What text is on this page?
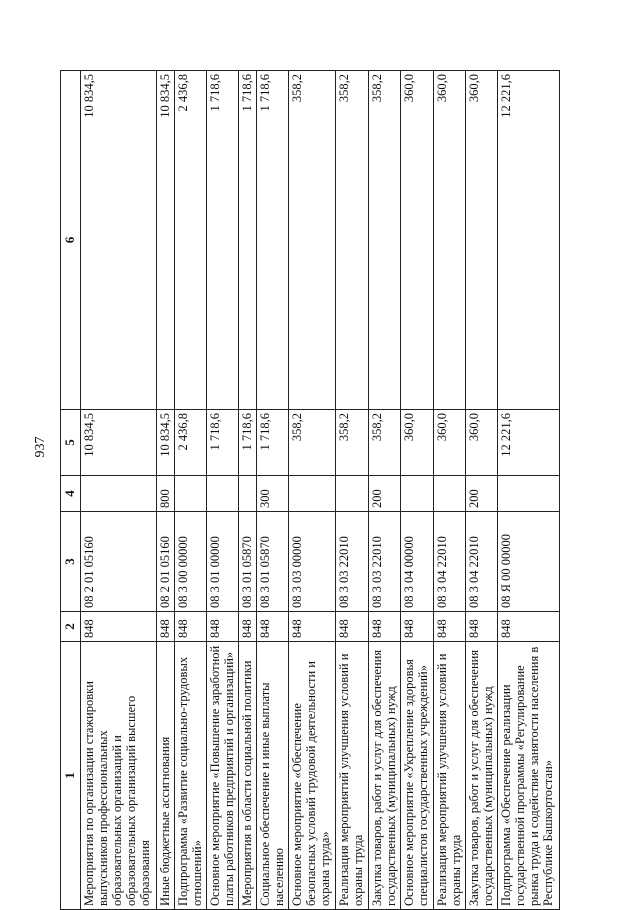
937
1	2	3	4	5	6
Мероприятия по организации стажировки выпускников профессиональных образовательных организаций и образовательных организаций высшего образования	848	08 2 01 05160		10 834,5	10 834,5
Иные бюджетные ассигнования	848	08 2 01 05160	800	10 834,5	10 834,5
Подпрограмма «Развитие социально-трудовых отношений»	848	08 3 00 00000		2 436,8	2 436,8
Основное мероприятие «Повышение заработной платы работников предприятий и организаций»	848	08 3 01 00000		1 718,6	1 718,6
Мероприятия в области социальной политики	848	08 3 01 05870		1 718,6	1 718,6
Социальное обеспечение и иные выплаты населению	848	08 3 01 05870	300	1 718,6	1 718,6
Основное мероприятие «Обеспечение безопасных условий трудовой деятельности и охрана труда»	848	08 3 03 00000		358,2	358,2
Реализация мероприятий улучшения условий и охраны труда	848	08 3 03 22010		358,2	358,2
Закупка товаров, работ и услуг для обеспечения государственных (муниципальных) нужд	848	08 3 03 22010	200	358,2	358,2
Основное мероприятие «Укрепление здоровья специалистов государственных учреждений»	848	08 3 04 00000		360,0	360,0
Реализация мероприятий улучшения условий и охраны труда	848	08 3 04 22010		360,0	360,0
Закупка товаров, работ и услуг для обеспечения государственных (муниципальных) нужд	848	08 3 04 22010	200	360,0	360,0
Подпрограмма «Обеспечение реализации государственной программы «Регулирование рынка труда и содействие занятости населения в Республике Башкортостан»	848	08 Я 00 00000		12 221,6	12 221,6
